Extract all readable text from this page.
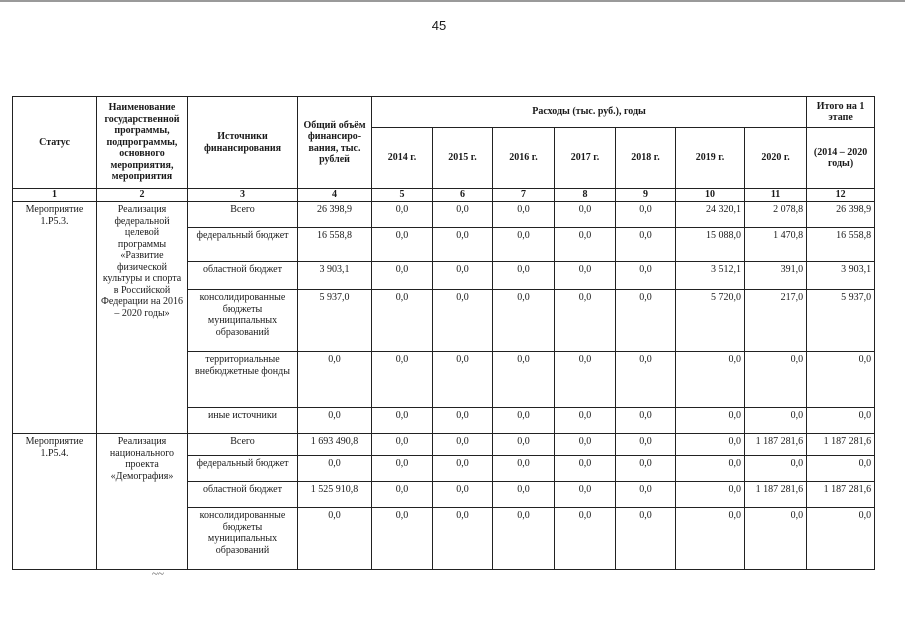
45
Статус	Наименование государственной программы, подпрограммы, основного мероприятия, мероприятия	Источники финансирования	Общий объём финансиро-вания, тыс. рублей	Расходы (тыс. руб.), годы							Итого на 1 этапе
				2014 г.	2015 г.	2016 г.	2017 г.	2018 г.	2019 г.	2020 г.	(2014 – 2020 годы)
1	2	3	4	5	6	7	8	9	10	11	12
Мероприятие 1.Р5.3.	Реализация федеральной целевой программы «Развитие физической культуры и спорта в Российской Федерации на 2016 – 2020 годы»	Всего	26 398,9	0,0	0,0	0,0	0,0	0,0	24 320,1	2 078,8	26 398,9
		федеральный бюджет	16 558,8	0,0	0,0	0,0	0,0	0,0	15 088,0	1 470,8	16 558,8
		областной бюджет	3 903,1	0,0	0,0	0,0	0,0	0,0	3 512,1	391,0	3 903,1
		консолидированные бюджеты муниципальных образований	5 937,0	0,0	0,0	0,0	0,0	0,0	5 720,0	217,0	5 937,0
		территориальные внебюджетные фонды	0,0	0,0	0,0	0,0	0,0	0,0	0,0	0,0	0,0
		иные источники	0,0	0,0	0,0	0,0	0,0	0,0	0,0	0,0	0,0
Мероприятие 1.Р5.4.	Реализация национального проекта «Демография»	Всего	1 693 490,8	0,0	0,0	0,0	0,0	0,0	0,0	1 187 281,6	1 187 281,6
		федеральный бюджет	0,0	0,0	0,0	0,0	0,0	0,0	0,0	0,0	0,0
		областной бюджет	1 525 910,8	0,0	0,0	0,0	0,0	0,0	0,0	1 187 281,6	1 187 281,6
		консолидированные бюджеты муниципальных образований	0,0	0,0	0,0	0,0	0,0	0,0	0,0	0,0	0,0
~~
